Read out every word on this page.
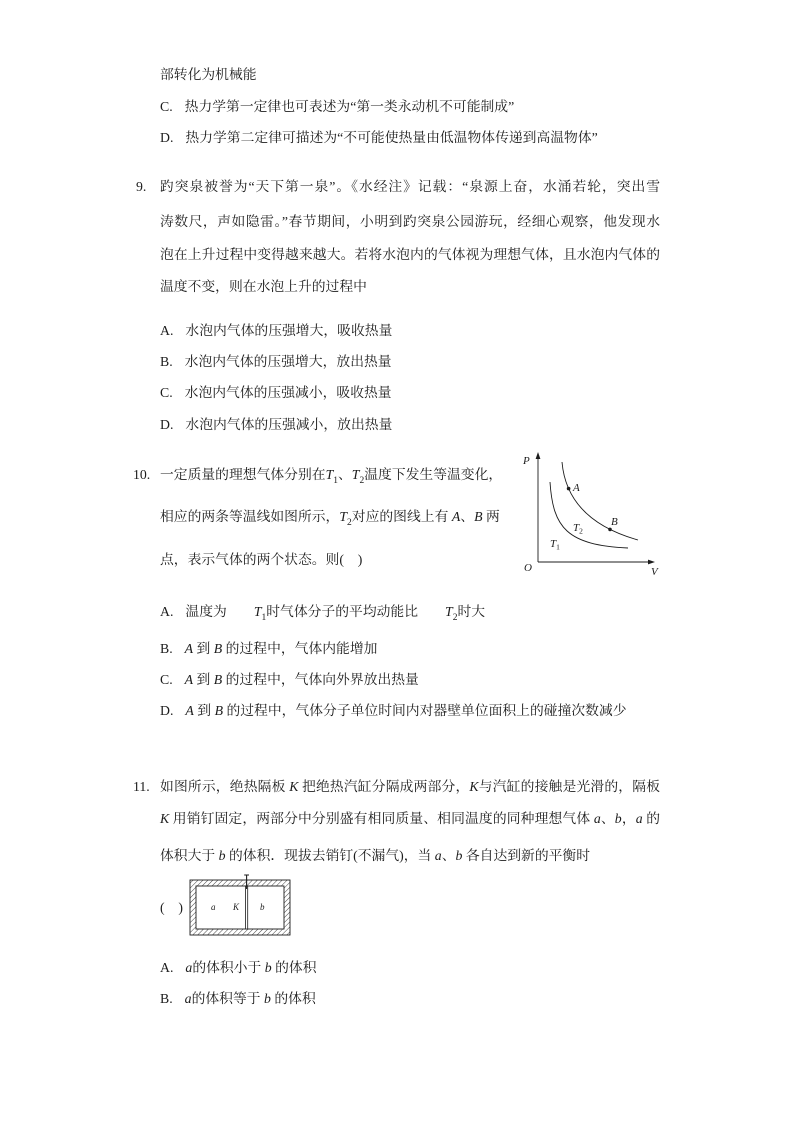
部转化为机械能
C. 热力学第一定律也可表述为“第一类永动机不可能制成”
D. 热力学第二定律可描述为“不可能使热量由低温物体传递到高温物体”
9. 趵突泉被誉为“天下第一泉”。《水经注》记载：“泉源上奋，水涌若轮，突出雪
涛数尺，声如隐雷。”春节期间，小明到趵突泉公园游玩，经细心观察，他发现水
泡在上升过程中变得越来越大。若将水泡内的气体视为理想气体，且水泡内气体的
温度不变，则在水泡上升的过程中
A. 水泡内气体的压强增大，吸收热量
B. 水泡内气体的压强增大，放出热量
C. 水泡内气体的压强减小，吸收热量
D. 水泡内气体的压强减小，放出热量
10. 一定质量的理想气体分别在$T_1$、$T_2$温度下发生等温变化，
相应的两条等温线如图所示，$T_2$对应的图线上有 A、B 两
点，表示气体的两个状态。则(    )
P
O	V
A
B
T2
T1
A. 温度为 $T_1$时气体分子的平均动能比 $T_2$时大
B. A 到 B 的过程中，气体内能增加
C. A 到 B 的过程中，气体向外界放出热量
D. A 到 B 的过程中，气体分子单位时间内对器壁单位面积上的碰撞次数减少
11. 如图所示，绝热隔板 K 把绝热汽缸分隔成两部分，K与汽缸的接触是光滑的，隔板
K 用销钉固定，两部分中分别盛有相同质量、相同温度的同种理想气体 a、b，a 的
体积大于 b 的体积．现拔去销钉(不漏气)，当 a、b 各自达到新的平衡时
(    )	a K b
A. a的体积小于 b 的体积
B. a的体积等于 b 的体积
